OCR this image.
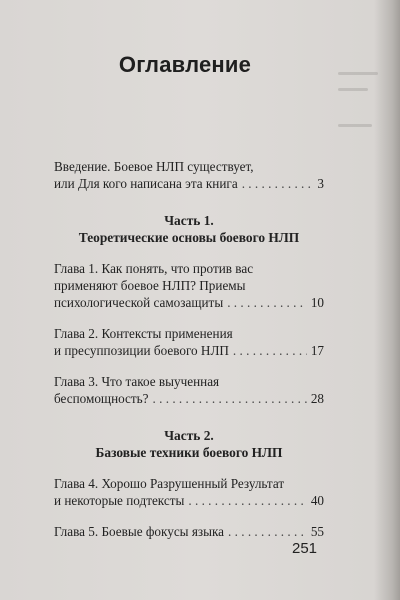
Оглавление
Введение. Боевое НЛП существует,
или Для кого написана эта книга . . .	3
Часть 1.
Теоретические основы боевого НЛП
Глава 1. Как понять, что против вас
применяют боевое НЛП? Приемы
психологической самозащиты . . .	10
Глава 2. Контексты применения
и пресуппозиции боевого НЛП . . .	17
Глава 3. Что такое выученная
беспомощность? . . .	28
Часть 2.
Базовые техники боевого НЛП
Глава 4. Хорошо Разрушенный Результат
и некоторые подтексты . . .	40
Глава 5. Боевые фокусы языка . . .	55
251
